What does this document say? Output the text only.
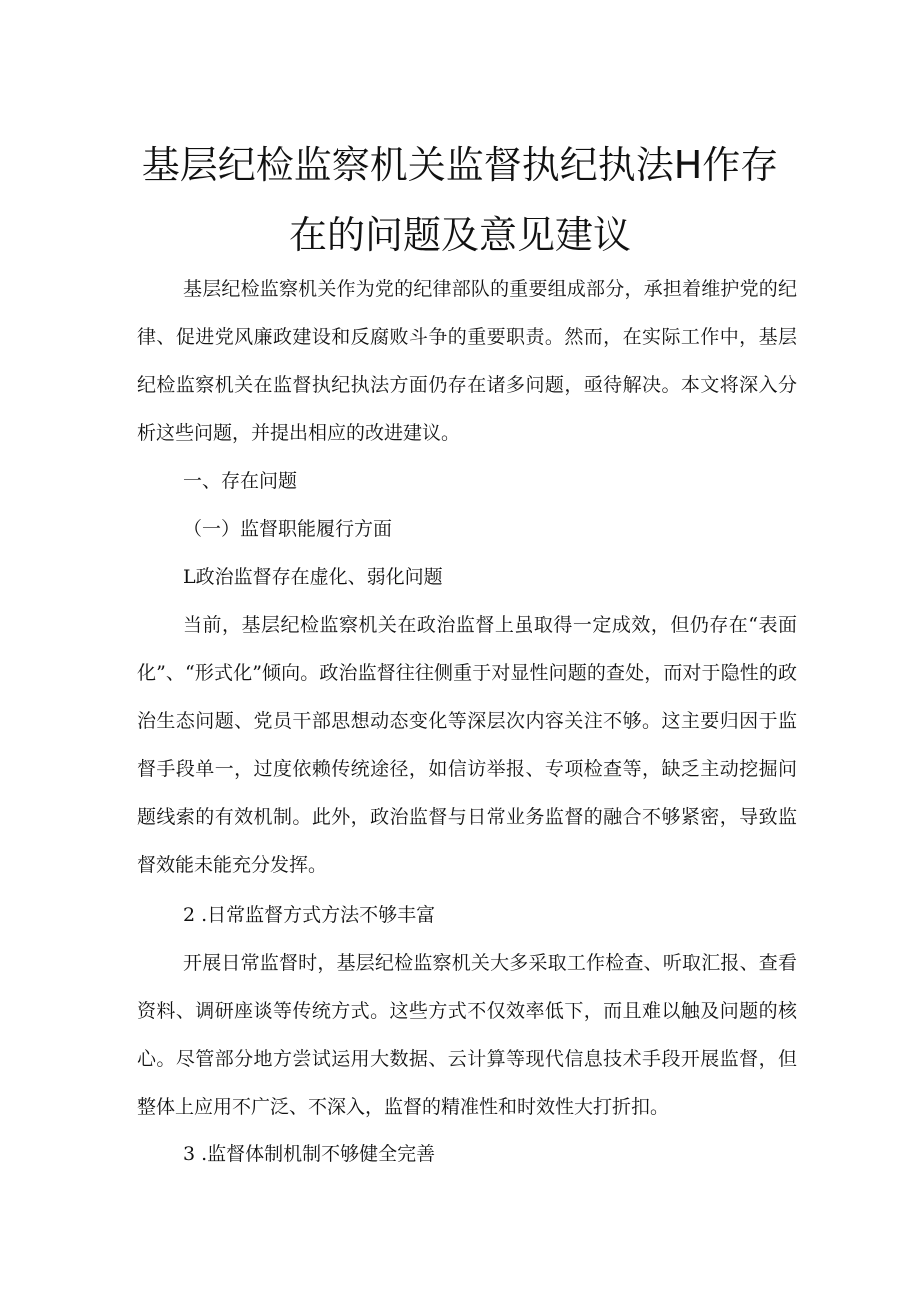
基层纪检监察机关监督执纪执法H作存
在的问题及意见建议

基层纪检监察机关作为党的纪律部队的重要组成部分，承担着维护党的纪律、促进党风廉政建设和反腐败斗争的重要职责。然而，在实际工作中，基层纪检监察机关在监督执纪执法方面仍存在诸多问题，亟待解决。本文将深入分析这些问题，并提出相应的改进建议。

一、存在问题
（一）监督职能履行方面
L政治监督存在虚化、弱化问题

当前，基层纪检监察机关在政治监督上虽取得一定成效，但仍存在“表面化”、“形式化”倾向。政治监督往往侧重于对显性问题的查处，而对于隐性的政治生态问题、党员干部思想动态变化等深层次内容关注不够。这主要归因于监督手段单一，过度依赖传统途径，如信访举报、专项检查等，缺乏主动挖掘问题线索的有效机制。此外，政治监督与日常业务监督的融合不够紧密，导致监督效能未能充分发挥。

2 .日常监督方式方法不够丰富

开展日常监督时，基层纪检监察机关大多采取工作检查、听取汇报、查看资料、调研座谈等传统方式。这些方式不仅效率低下，而且难以触及问题的核心。尽管部分地方尝试运用大数据、云计算等现代信息技术手段开展监督，但整体上应用不广泛、不深入，监督的精准性和时效性大打折扣。

3 .监督体制机制不够健全完善
